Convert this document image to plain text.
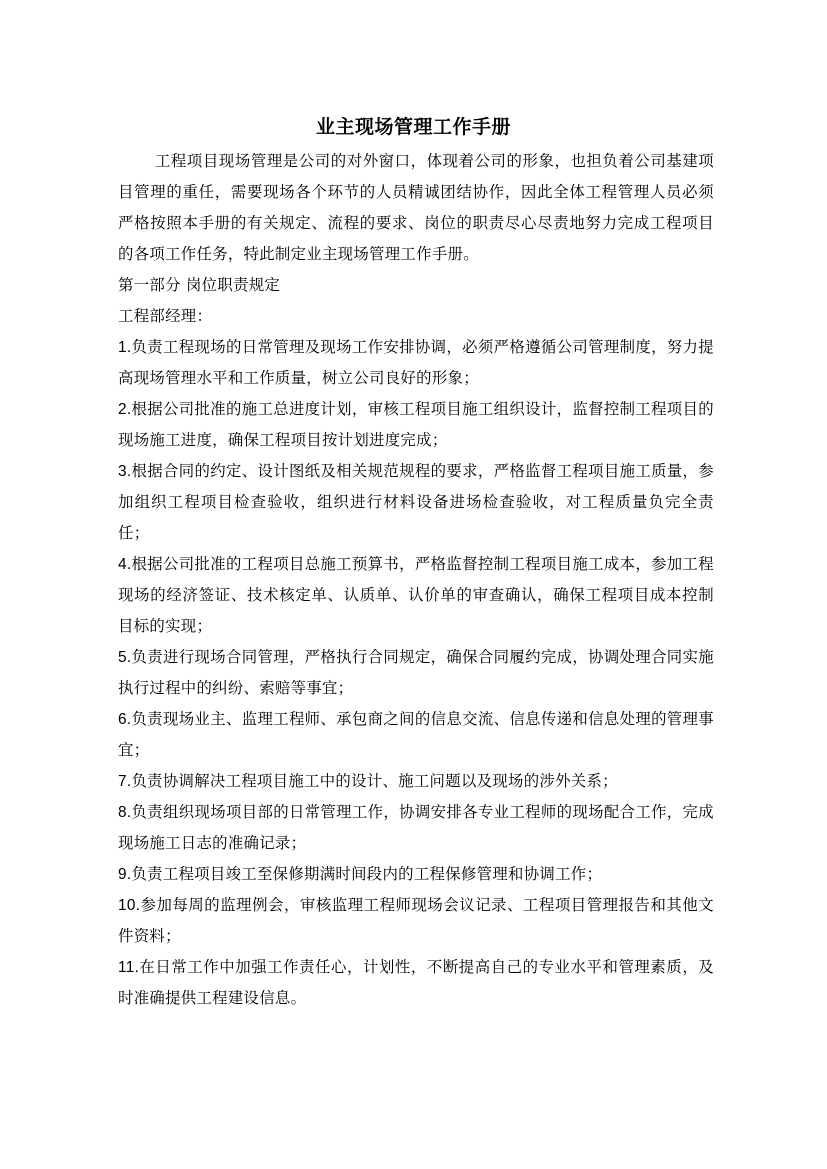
业主现场管理工作手册

工程项目现场管理是公司的对外窗口，体现着公司的形象，也担负着公司基建项目管理的重任，需要现场各个环节的人员精诚团结协作，因此全体工程管理人员必须严格按照本手册的有关规定、流程的要求、岗位的职责尽心尽责地努力完成工程项目的各项工作任务，特此制定业主现场管理工作手册。

第一部分 岗位职责规定

工程部经理：

1.负责工程现场的日常管理及现场工作安排协调，必须严格遵循公司管理制度，努力提高现场管理水平和工作质量，树立公司良好的形象；

2.根据公司批准的施工总进度计划，审核工程项目施工组织设计，监督控制工程项目的现场施工进度，确保工程项目按计划进度完成；

3.根据合同的约定、设计图纸及相关规范规程的要求，严格监督工程项目施工质量，参加组织工程项目检查验收，组织进行材料设备进场检查验收，对工程质量负完全责任；

4.根据公司批准的工程项目总施工预算书，严格监督控制工程项目施工成本，参加工程现场的经济签证、技术核定单、认质单、认价单的审查确认，确保工程项目成本控制目标的实现；

5.负责进行现场合同管理，严格执行合同规定，确保合同履约完成，协调处理合同实施执行过程中的纠纷、索赔等事宜；

6.负责现场业主、监理工程师、承包商之间的信息交流、信息传递和信息处理的管理事宜；

7.负责协调解决工程项目施工中的设计、施工问题以及现场的涉外关系；

8.负责组织现场项目部的日常管理工作，协调安排各专业工程师的现场配合工作，完成现场施工日志的准确记录；

9.负责工程项目竣工至保修期满时间段内的工程保修管理和协调工作；

10.参加每周的监理例会，审核监理工程师现场会议记录、工程项目管理报告和其他文件资料；

11.在日常工作中加强工作责任心，计划性，不断提高自己的专业水平和管理素质，及时准确提供工程建设信息。
